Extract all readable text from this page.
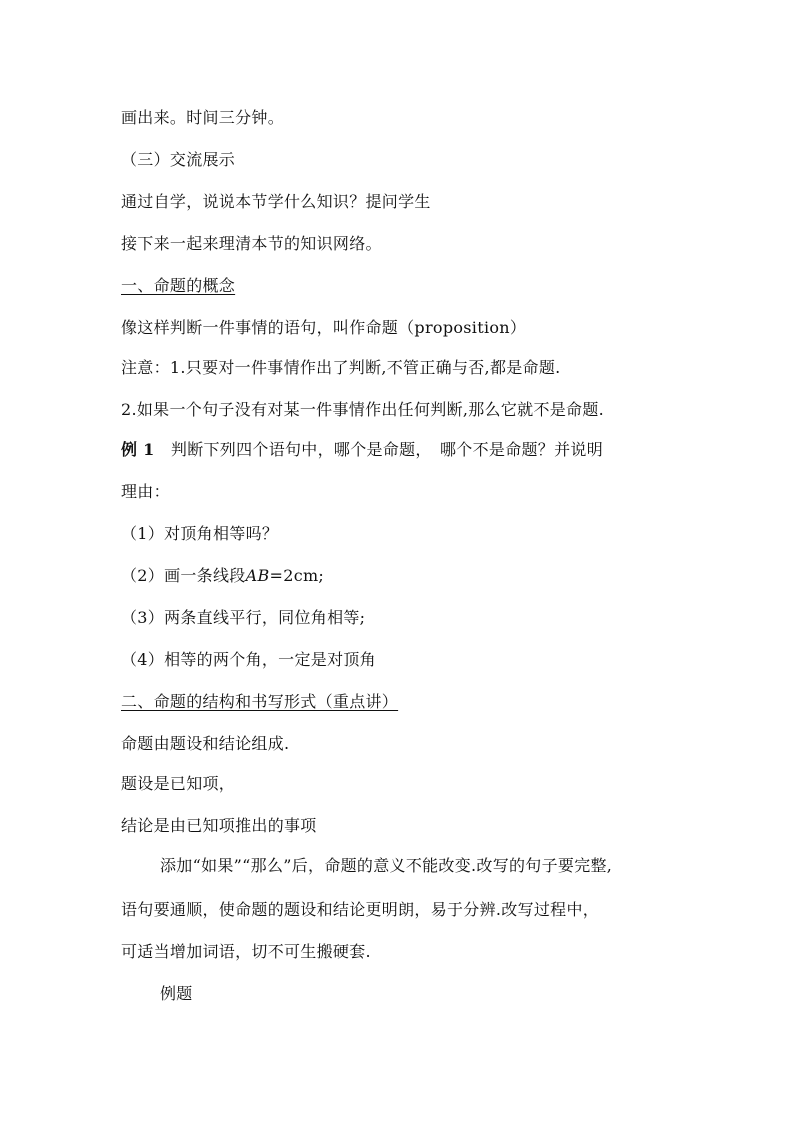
画出来。时间三分钟。
（三）交流展示
通过自学，说说本节学什么知识？提问学生
接下来一起来理清本节的知识网络。
一、命题的概念
像这样判断一件事情的语句，叫作命题（proposition）
注意：1.只要对一件事情作出了判断,不管正确与否,都是命题.
2.如果一个句子没有对某一件事情作出任何判断,那么它就不是命题.
例 1　判断下列四个语句中，哪个是命题，　哪个不是命题？并说明
理由：
（1）对顶角相等吗？
（2）画一条线段AB=2cm;
（3）两条直线平行，同位角相等;
（4）相等的两个角，一定是对顶角
二、命题的结构和书写形式（重点讲）
命题由题设和结论组成.
题设是已知项，
结论是由已知项推出的事项
添加“如果”“那么”后，命题的意义不能改变.改写的句子要完整,
语句要通顺，使命题的题设和结论更明朗，易于分辨.改写过程中，
可适当增加词语，切不可生搬硬套.
例题
